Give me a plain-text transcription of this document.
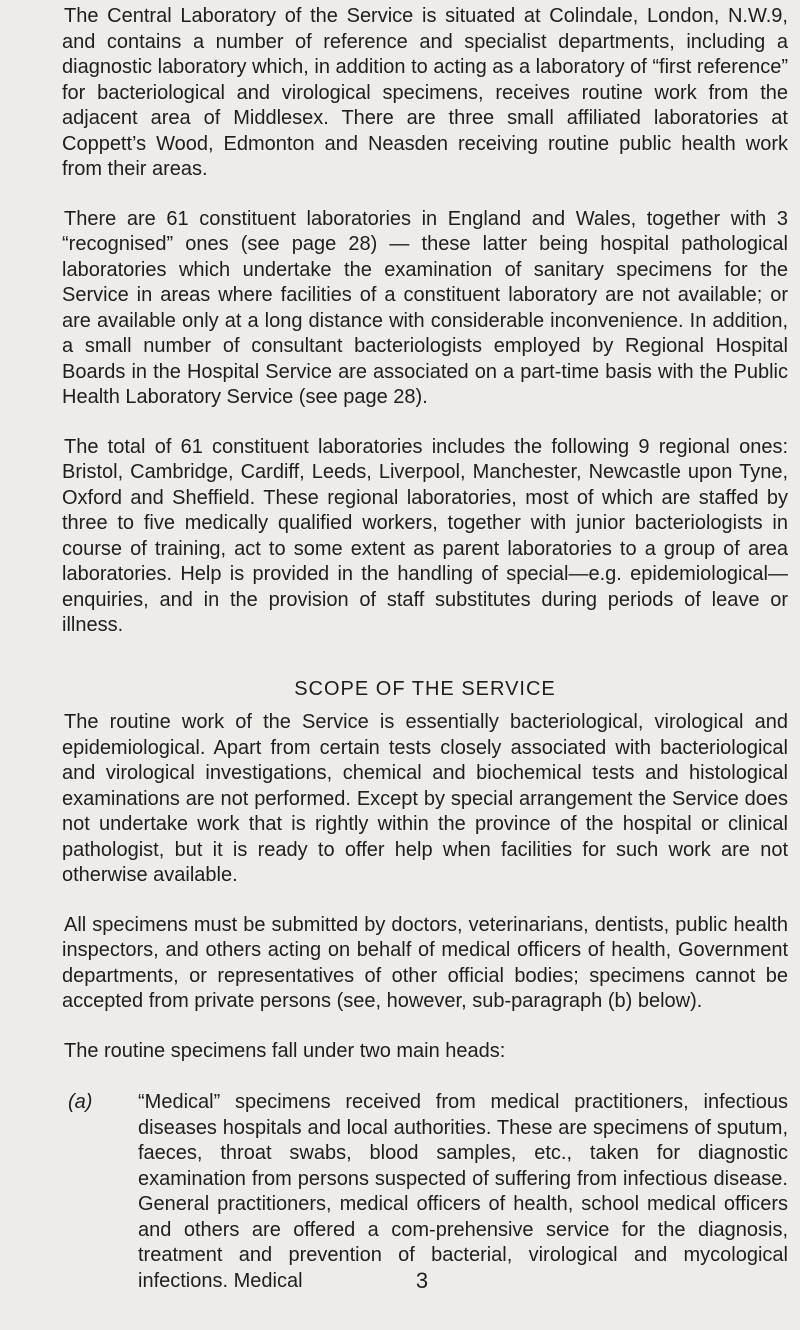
The Central Laboratory of the Service is situated at Colindale, London, N.W.9, and contains a number of reference and specialist departments, including a diagnostic laboratory which, in addition to acting as a laboratory of “first reference” for bacteriological and virological specimens, receives routine work from the adjacent area of Middlesex. There are three small affiliated laboratories at Coppett’s Wood, Edmonton and Neasden receiving routine public health work from their areas.

There are 61 constituent laboratories in England and Wales, together with 3 “recognised” ones (see page 28) — these latter being hospital pathological laboratories which undertake the examination of sanitary specimens for the Service in areas where facilities of a constituent laboratory are not available; or are available only at a long distance with considerable inconvenience. In addition, a small number of consultant bacteriologists employed by Regional Hospital Boards in the Hospital Service are associated on a part-time basis with the Public Health Laboratory Service (see page 28).

The total of 61 constituent laboratories includes the following 9 regional ones: Bristol, Cambridge, Cardiff, Leeds, Liverpool, Manchester, Newcastle upon Tyne, Oxford and Sheffield. These regional laboratories, most of which are staffed by three to five medically qualified workers, together with junior bacteriologists in course of training, act to some extent as parent laboratories to a group of area laboratories. Help is provided in the handling of special—e.g. epidemiological—enquiries, and in the provision of staff substitutes during periods of leave or illness.

SCOPE OF THE SERVICE

The routine work of the Service is essentially bacteriological, virological and epidemiological. Apart from certain tests closely associated with bacteriological and virological investigations, chemical and biochemical tests and histological examinations are not performed. Except by special arrangement the Service does not undertake work that is rightly within the province of the hospital or clinical pathologist, but it is ready to offer help when facilities for such work are not otherwise available.

All specimens must be submitted by doctors, veterinarians, dentists, public health inspectors, and others acting on behalf of medical officers of health, Government departments, or representatives of other official bodies; specimens cannot be accepted from private persons (see, however, sub-paragraph (b) below).

The routine specimens fall under two main heads:

(a) “Medical” specimens received from medical practitioners, infectious diseases hospitals and local authorities. These are specimens of sputum, faeces, throat swabs, blood samples, etc., taken for diagnostic examination from persons suspected of suffering from infectious disease. General practitioners, medical officers of health, school medical officers and others are offered a com-prehensive service for the diagnosis, treatment and prevention of bacterial, virological and mycological infections. Medical	3
